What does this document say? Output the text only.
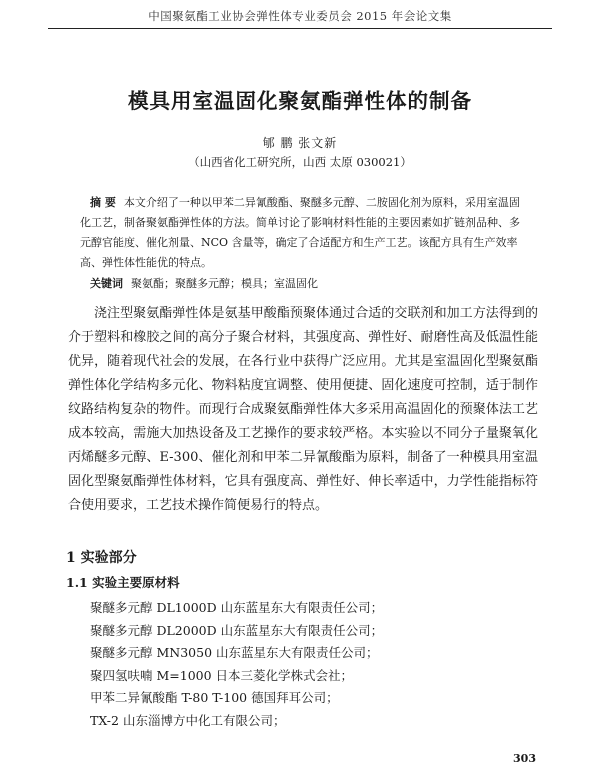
中国聚氨酯工业协会弹性体专业委员会 2015 年会论文集
模具用室温固化聚氨酯弹性体的制备
郇 鹏 张文新
（山西省化工研究所，山西 太原 030021）
摘 要 本文介绍了一种以甲苯二异氰酸酯、聚醚多元醇、二胺固化剂为原料，采用室温固化工艺，制备聚氨酯弹性体的方法。简单讨论了影响材料性能的主要因素如扩链剂品种、多元醇官能度、催化剂量、NCO 含量等，确定了合适配方和生产工艺。该配方具有生产效率高、弹性体性能优的特点。
关键词 聚氨酯；聚醚多元醇；模具；室温固化

浇注型聚氨酯弹性体是氨基甲酸酯预聚体通过合适的交联剂和加工方法得到的介于塑料和橡胶之间的高分子聚合材料，其强度高、弹性好、耐磨性高及低温性能优异，随着现代社会的发展，在各行业中获得广泛应用。尤其是室温固化型聚氨酯弹性体化学结构多元化、物料粘度宜调整、使用便捷、固化速度可控制，适于制作纹路结构复杂的物件。而现行合成聚氨酯弹性体大多采用高温固化的预聚体法工艺成本较高，需施大加热设备及工艺操作的要求较严格。本实验以不同分子量聚氧化丙烯醚多元醇、E-300、催化剂和甲苯二异氰酸酯为原料，制备了一种模具用室温固化型聚氨酯弹性体材料，它具有强度高、弹性好、伸长率适中，力学性能指标符合使用要求，工艺技术操作简便易行的特点。

1 实验部分
1.1 实验主要原材料
聚醚多元醇 DL1000D 山东蓝星东大有限责任公司；
聚醚多元醇 DL2000D 山东蓝星东大有限责任公司；
聚醚多元醇 MN3050 山东蓝星东大有限责任公司；
聚四氢呋喃 M=1000 日本三菱化学株式会社；
甲苯二异氰酸酯 T-80 T-100 德国拜耳公司；
TX-2 山东淄博方中化工有限公司；
303
